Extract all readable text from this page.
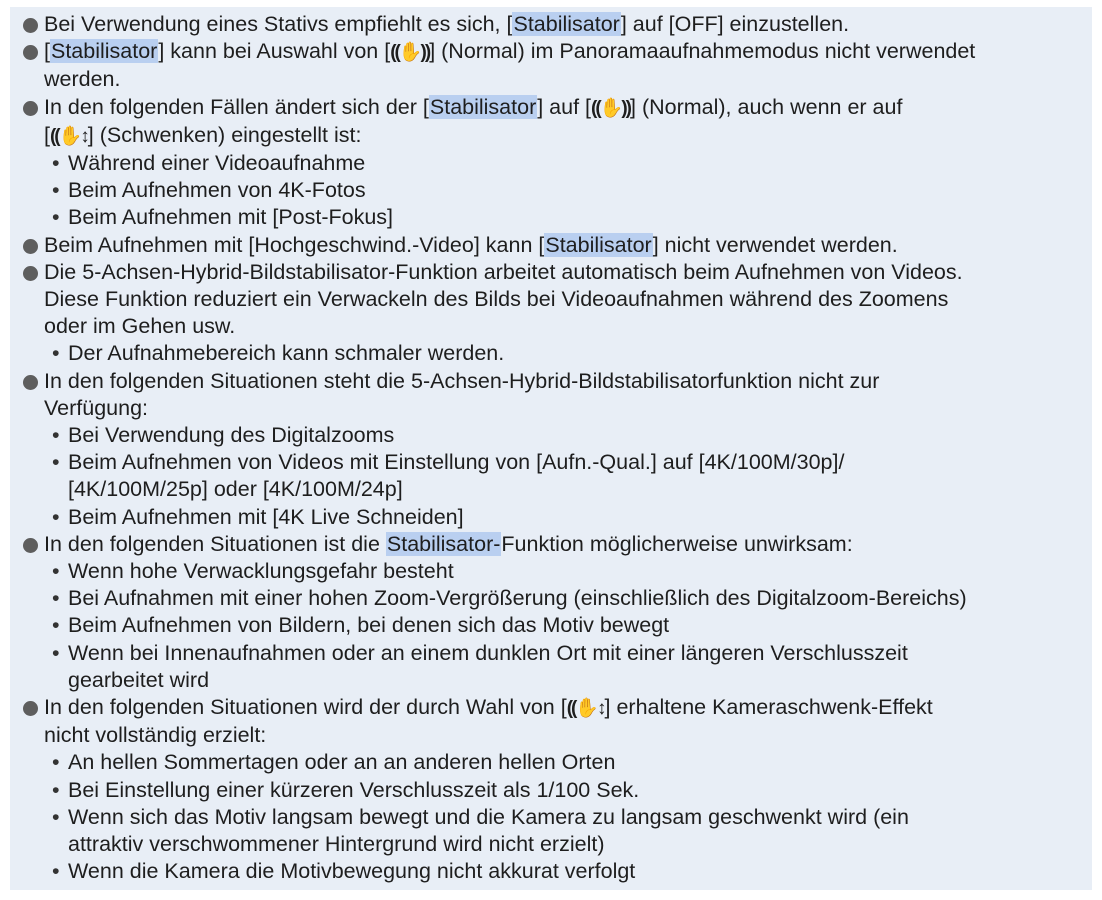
Bei Verwendung eines Stativs empfiehlt es sich, [Stabilisator] auf [OFF] einzustellen.
[Stabilisator] kann bei Auswahl von [((✋))] (Normal) im Panoramaaufnahmemodus nicht verwendet
werden.
In den folgenden Fällen ändert sich der [Stabilisator] auf [((✋))] (Normal), auch wenn er auf
[((✋↕] (Schwenken) eingestellt ist:
• Während einer Videoaufnahme
• Beim Aufnehmen von 4K-Fotos
• Beim Aufnehmen mit [Post-Fokus]
Beim Aufnehmen mit [Hochgeschwind.-Video] kann [Stabilisator] nicht verwendet werden.
Die 5-Achsen-Hybrid-Bildstabilisator-Funktion arbeitet automatisch beim Aufnehmen von Videos.
Diese Funktion reduziert ein Verwackeln des Bilds bei Videoaufnahmen während des Zoomens
oder im Gehen usw.
• Der Aufnahmebereich kann schmaler werden.
In den folgenden Situationen steht die 5-Achsen-Hybrid-Bildstabilisatorfunktion nicht zur
Verfügung:
• Bei Verwendung des Digitalzooms
• Beim Aufnehmen von Videos mit Einstellung von [Aufn.-Qual.] auf [4K/100M/30p]/
[4K/100M/25p] oder [4K/100M/24p]
• Beim Aufnehmen mit [4K Live Schneiden]
In den folgenden Situationen ist die Stabilisator-Funktion möglicherweise unwirksam:
• Wenn hohe Verwacklungsgefahr besteht
• Bei Aufnahmen mit einer hohen Zoom-Vergrößerung (einschließlich des Digitalzoom-Bereichs)
• Beim Aufnehmen von Bildern, bei denen sich das Motiv bewegt
• Wenn bei Innenaufnahmen oder an einem dunklen Ort mit einer längeren Verschlusszeit
gearbeitet wird
In den folgenden Situationen wird der durch Wahl von [((✋↕] erhaltene Kameraschwenk-Effekt
nicht vollständig erzielt:
• An hellen Sommertagen oder an an anderen hellen Orten
• Bei Einstellung einer kürzeren Verschlusszeit als 1/100 Sek.
• Wenn sich das Motiv langsam bewegt und die Kamera zu langsam geschwenkt wird (ein
attraktiv verschwommener Hintergrund wird nicht erzielt)
• Wenn die Kamera die Motivbewegung nicht akkurat verfolgt
